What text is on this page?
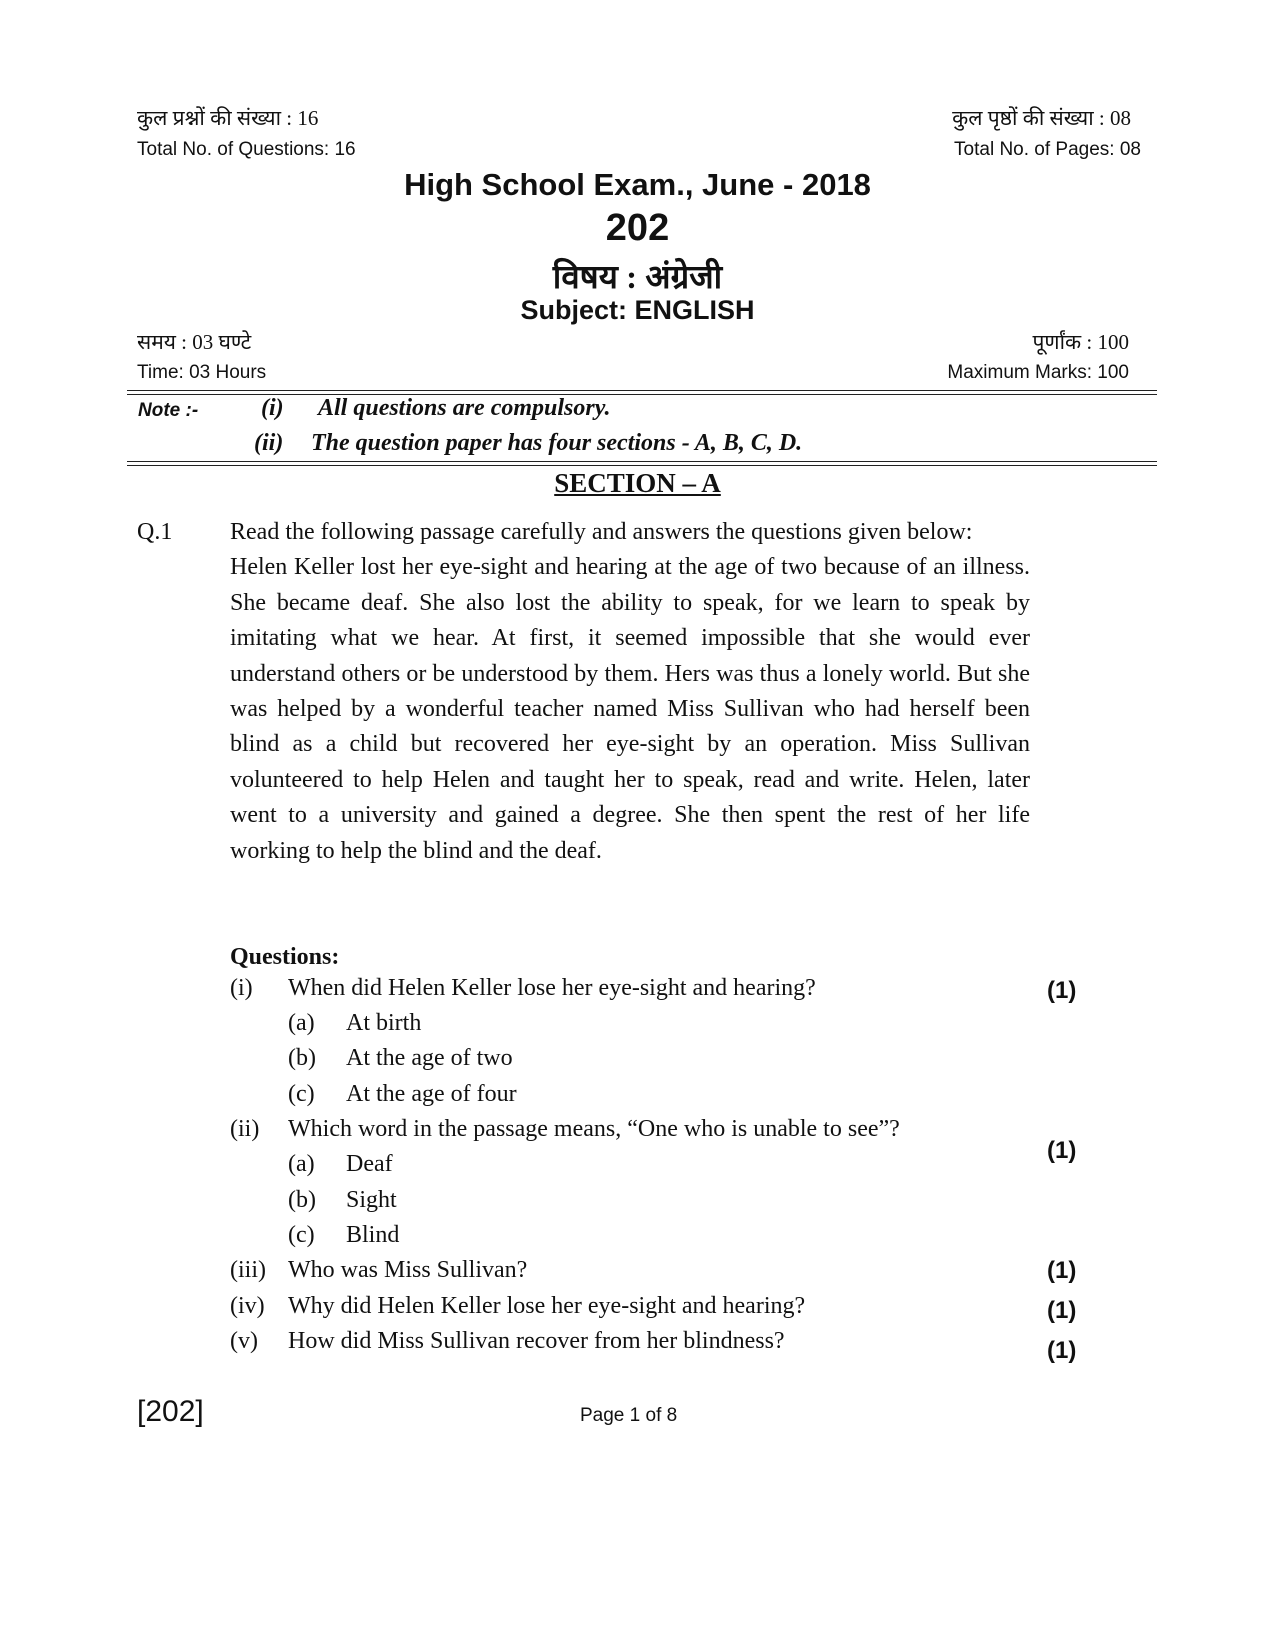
कुल प्रश्नों की संख्या : 16
Total No. of Questions: 16
कुल पृष्ठों की संख्या : 08
Total No. of Pages: 08
High School Exam., June - 2018
202
विषय : अंग्रेजी
Subject: ENGLISH
समय : 03 घण्टे
Time: 03 Hours
पूर्णांक : 100
Maximum Marks: 100
Note :-	(i) All questions are compulsory.
(ii) The question paper has four sections - A, B, C, D.
SECTION – A
Q.1 Read the following passage carefully and answers the questions given below:

Helen Keller lost her eye-sight and hearing at the age of two because of an illness. She became deaf. She also lost the ability to speak, for we learn to speak by imitating what we hear. At first, it seemed impossible that she would ever understand others or be understood by them. Hers was thus a lonely world. But she was helped by a wonderful teacher named Miss Sullivan who had herself been blind as a child but recovered her eye-sight by an operation. Miss Sullivan volunteered to help Helen and taught her to speak, read and write. Helen, later went to a university and gained a degree. She then spent the rest of her life working to help the blind and the deaf.

Questions:
(i) When did Helen Keller lose her eye-sight and hearing?	(1)
(a) At birth
(b) At the age of two
(c) At the age of four
(ii) Which word in the passage means, “One who is unable to see”?
(1)
(a) Deaf
(b) Sight
(c) Blind
(iii) Who was Miss Sullivan?	(1)
(iv) Why did Helen Keller lose her eye-sight and hearing?	(1)
(v) How did Miss Sullivan recover from her blindness?	(1)
[202]	Page 1 of 8
